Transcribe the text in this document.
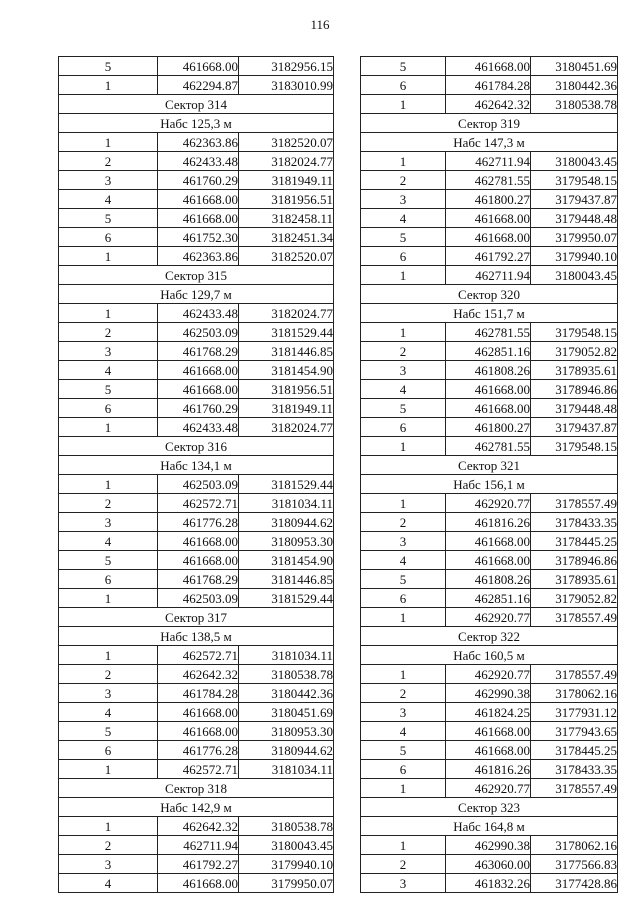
116
5	461668.00	3182956.15
1	462294.87	3183010.99
Сектор 314		
Набс 125,3 м		
1	462363.86	3182520.07
2	462433.48	3182024.77
3	461760.29	3181949.11
4	461668.00	3181956.51
5	461668.00	3182458.11
6	461752.30	3182451.34
1	462363.86	3182520.07
Сектор 315		
Набс 129,7 м		
1	462433.48	3182024.77
2	462503.09	3181529.44
3	461768.29	3181446.85
4	461668.00	3181454.90
5	461668.00	3181956.51
6	461760.29	3181949.11
1	462433.48	3182024.77
Сектор 316		
Набс 134,1 м		
1	462503.09	3181529.44
2	462572.71	3181034.11
3	461776.28	3180944.62
4	461668.00	3180953.30
5	461668.00	3181454.90
6	461768.29	3181446.85
1	462503.09	3181529.44
Сектор 317		
Набс 138,5 м		
1	462572.71	3181034.11
2	462642.32	3180538.78
3	461784.28	3180442.36
4	461668.00	3180451.69
5	461668.00	3180953.30
6	461776.28	3180944.62
1	462572.71	3181034.11
Сектор 318		
Набс 142,9 м		
1	462642.32	3180538.78
2	462711.94	3180043.45
3	461792.27	3179940.10
4	461668.00	3179950.07
5	461668.00	3180451.69
6	461784.28	3180442.36
1	462642.32	3180538.78
Сектор 319		
Набс 147,3 м		
1	462711.94	3180043.45
2	462781.55	3179548.15
3	461800.27	3179437.87
4	461668.00	3179448.48
5	461668.00	3179950.07
6	461792.27	3179940.10
1	462711.94	3180043.45
Сектор 320		
Набс 151,7 м		
1	462781.55	3179548.15
2	462851.16	3179052.82
3	461808.26	3178935.61
4	461668.00	3178946.86
5	461668.00	3179448.48
6	461800.27	3179437.87
1	462781.55	3179548.15
Сектор 321		
Набс 156,1 м		
1	462920.77	3178557.49
2	461816.26	3178433.35
3	461668.00	3178445.25
4	461668.00	3178946.86
5	461808.26	3178935.61
6	462851.16	3179052.82
1	462920.77	3178557.49
Сектор 322		
Набс 160,5 м		
1	462920.77	3178557.49
2	462990.38	3178062.16
3	461824.25	3177931.12
4	461668.00	3177943.65
5	461668.00	3178445.25
6	461816.26	3178433.35
1	462920.77	3178557.49
Сектор 323		
Набс 164,8 м		
1	462990.38	3178062.16
2	463060.00	3177566.83
3	461832.26	3177428.86
